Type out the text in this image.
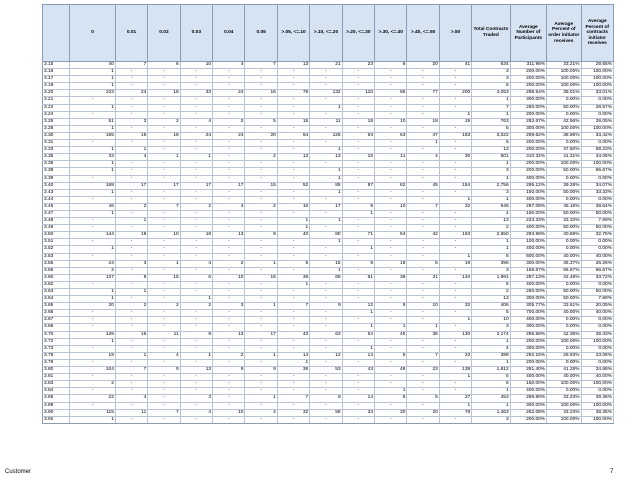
	0	0.01	0.02	0.03	0.04	0.05	>.05, <=.10	>.10, <=.20	>.20, <=.30	>.30, <=.40	>.40, <=.50	>.50	Total Contracts Traded	Average Number of Participants	Average Percent of order initiator receives	Average Percent of contracts initiator receives
3.15	40	7	6	10	4	7	13	21	23	6	20	41	634	311.96%	33.21%	29.65%
3.16	1	-	-	-	-	-	-	-	-	-	-	-	3	200.00%	100.00%	100.00%
3.17	1	-	-	-	-	-	-	-	-	-	-	-	3	200.00%	100.00%	100.00%
3.18	1	-	-	-	-	-	-	-	-	-	-	-	5	200.00%	100.00%	100.00%
3.20	223	24	18	33	24	16	79	132	110	85	77	200	4,053	298.54%	39.01%	33.01%
3.21	-	-	-	-	-	-	-	-	-	-	-	-	1	300.00%	0.00%	0.00%
3.22	1	-	-	-	-	-	-	1	-	-	-	-	7	250.00%	50.00%	28.57%
3.24	-	-	-	-	-	-	-	-	-	-	-	1	1	200.00%	0.00%	0.00%
3.25	51	3	2	4	2	5	15	11	18	10	18	19	763	282.67%	42.56%	28.05%
3.28	1	-	-	-	-	-	-	-	-	-	-	-	5	300.00%	100.00%	100.00%
3.30	155	15	18	24	24	20	64	125	93	63	47	183	3,022	299.62%	38.86%	33.42%
3.31	-	-	-	-	-	-	-	-	-	-	1	-	5	200.00%	0.00%	0.00%
3.33	1	1	-	-	-	-	-	1	-	-	-	-	13	200.00%	37.50%	69.23%
3.35	33	4	1	1	-	2	13	13	16	11	4	30	501	310.32%	41.31%	34.06%
3.36	1	-	-	-	-	-	-	-	-	-	-	-	1	200.00%	100.00%	100.00%
3.38	1	-	-	-	-	-	-	1	-	-	-	-	3	200.00%	50.00%	66.67%
3.39	-	-	-	-	-	-	-	1	-	-	-	-	1	400.00%	0.00%	0.00%
3.40	168	17	17	17	17	15	52	85	87	62	45	154	2,756	295.12%	39.28%	34.07%
3.43	1	-	-	-	-	-	-	1	-	-	-	-	3	150.00%	50.00%	33.33%
3.44	-	-	-	-	-	-	-	-	-	-	-	1	1	400.00%	0.00%	0.00%
3.45	46	2	7	2	4	2	10	17	9	10	7	32	546	297.08%	45.16%	38.64%
3.47	1	-	-	-	-	-	-	-	1	-	-	-	4	150.00%	50.00%	50.00%
3.48	-	1	-	-	-	-	1	1	-	-	-	-	13	233.33%	33.33%	7.69%
3.49	-	-	-	-	-	-	1	-	-	-	-	-	2	400.00%	50.00%	50.00%
3.50	144	19	10	18	13	9	40	80	71	54	42	163	2,650	293.98%	40.69%	32.75%
3.51	-	-	-	-	-	-	-	1	-	-	-	-	1	100.00%	0.00%	0.00%
3.52	1	-	-	-	-	-	-	-	1	-	-	-	1	400.00%	0.00%	0.00%
3.53	-	-	-	-	-	-	-	-	-	-	-	1	5	600.00%	40.00%	40.00%
3.55	24	3	1	4	2	1	5	15	9	18	5	19	396	300.00%	36.37%	26.26%
3.56	2	-	-	-	-	-	-	1	-	-	-	-	3	166.67%	66.67%	66.67%
3.60	137	9	15	6	10	16	39	69	61	36	31	134	1,981	287.13%	42.48%	33.72%
3.62	-	-	-	-	-	-	1	-	-	-	-	-	5	400.00%	0.00%	0.00%
3.63	1	1	-	-	-	-	-	-	-	-	-	-	2	250.00%	50.00%	50.00%
3.64	1	-	-	1	-	-	-	-	-	-	-	-	13	300.00%	50.00%	7.69%
3.65	20	2	2	2	3	1	7	9	12	9	10	32	406	305.77%	33.61%	20.05%
3.66	-	-	-	-	-	-	-	-	1	-	-	-	5	700.00%	40.00%	40.00%
3.67	-	-	-	-	-	-	-	-	-	-	-	1	10	400.00%	0.00%	0.00%
3.68	-	-	-	-	-	-	-	-	1	1	1	-	3	300.00%	0.00%	0.00%
3.70	139	16	11	9	13	17	43	63	54	45	36	130	2,174	285.58%	42.35%	39.33%
3.72	1	-	-	-	-	-	-	-	-	-	-	-	1	200.00%	100.00%	100.00%
3.73	-	-	-	-	-	-	-	-	1	-	-	-	4	300.00%	0.00%	0.00%
3.75	19	1	4	1	2	1	14	12	14	5	7	23	399	292.16%	29.93%	23.06%
3.76	-	-	-	-	-	-	1	-	-	-	-	-	1	200.00%	0.00%	0.00%
3.80	104	7	9	13	9	9	36	53	43	48	23	138	1,812	281.40%	41.29%	34.88%
3.81	-	-	-	-	-	-	-	-	-	-	-	1	5	400.00%	40.00%	40.00%
3.83	2	-	-	-	-	-	-	-	-	-	-	-	6	150.00%	100.00%	100.00%
3.84	-	-	-	-	-	-	-	-	-	1	-	-	1	400.00%	0.00%	0.00%
3.85	22	4	-	3	-	1	7	8	14	8	5	27	453	289.80%	33.23%	29.36%
3.89	-	-	-	-	-	-	-	-	-	-	-	1	1	300.00%	100.00%	100.00%
3.90	115	11	7	4	10	4	32	58	34	30	20	78	1,463	262.08%	43.23%	38.35%
3.92	1	-	-	-	-	-	-	-	-	-	-	-	3	200.00%	100.00%	100.00%
Customer	7
